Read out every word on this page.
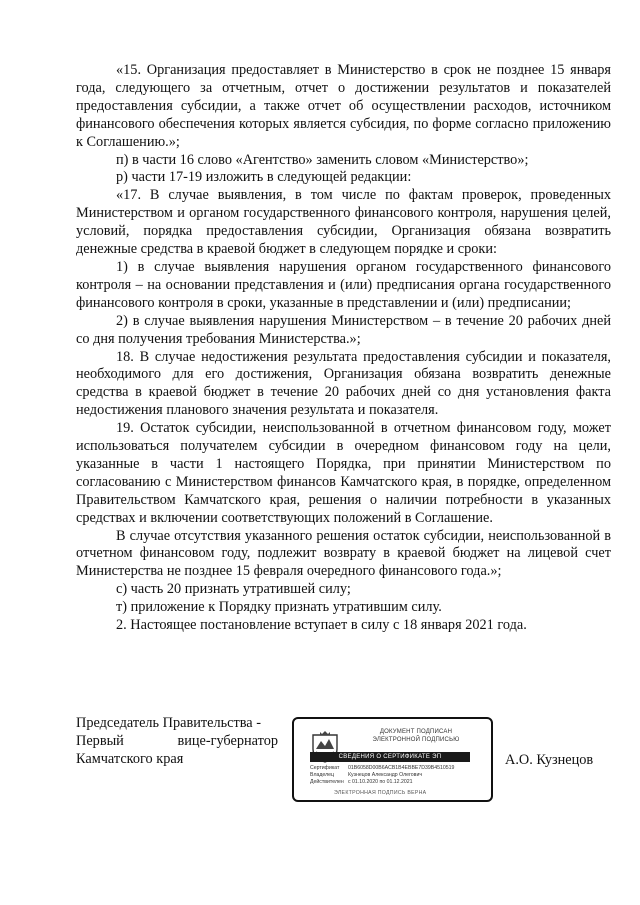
«15. Организация предоставляет в Министерство в срок не позднее 15 января года, следующего за отчетным, отчет о достижении результатов и показателей предоставления субсидии, а также отчет об осуществлении расходов, источником финансового обеспечения которых является субсидия, по форме согласно приложению к Соглашению.»;

п) в части 16 слово «Агентство» заменить словом «Министерство»;

р) части 17-19 изложить в следующей редакции:

«17. В случае выявления, в том числе по фактам проверок, проведенных Министерством и органом государственного финансового контроля, нарушения целей, условий, порядка предоставления субсидии, Организация обязана возвратить денежные средства в краевой бюджет в следующем порядке и сроки:

1) в случае выявления нарушения органом государственного финансового контроля – на основании представления и (или) предписания органа государственного финансового контроля в сроки, указанные в представлении и (или) предписании;

2) в случае выявления нарушения Министерством – в течение 20 рабочих дней со дня получения требования Министерства.»;

18. В случае недостижения результата предоставления субсидии и показателя, необходимого для его достижения, Организация обязана возвратить денежные средства в краевой бюджет в течение 20 рабочих дней со дня установления факта недостижения планового значения результата и показателя.

19. Остаток субсидии, неиспользованной в отчетном финансовом году, может использоваться получателем субсидии в очередном финансовом году на цели, указанные в части 1 настоящего Порядка, при принятии Министерством по согласованию с Министерством финансов Камчатского края, в порядке, определенном Правительством Камчатского края, решения о наличии потребности в указанных средствах и включении соответствующих положений в Соглашение.

В случае отсутствия указанного решения остаток субсидии, неиспользованной в отчетном финансовом году, подлежит возврату в краевой бюджет на лицевой счет Министерства не позднее 15 февраля очередного финансового года.»;

с) часть 20 признать утратившей силу;

т) приложение к Порядку признать утратившим силу.

2. Настоящее постановление вступает в силу с 18 января 2021 года.

Председатель Правительства -
Первый вице-губернатор
Камчатского края
ДОКУМЕНТ ПОДПИСАН
ЭЛЕКТРОННОЙ ПОДПИСЬЮ
СВЕДЕНИЯ О СЕРТИФИКАТЕ ЭП
Сертификат	01B6058D00B6ACB1B4EBBE7D39B4510519
Владелец	Кузнецов Александр Олегович
Действителен с 01.10.2020 по 01.12.2021
ЭЛЕКТРОННАЯ ПОДПИСЬ ВЕРНА
А.О. Кузнецов
